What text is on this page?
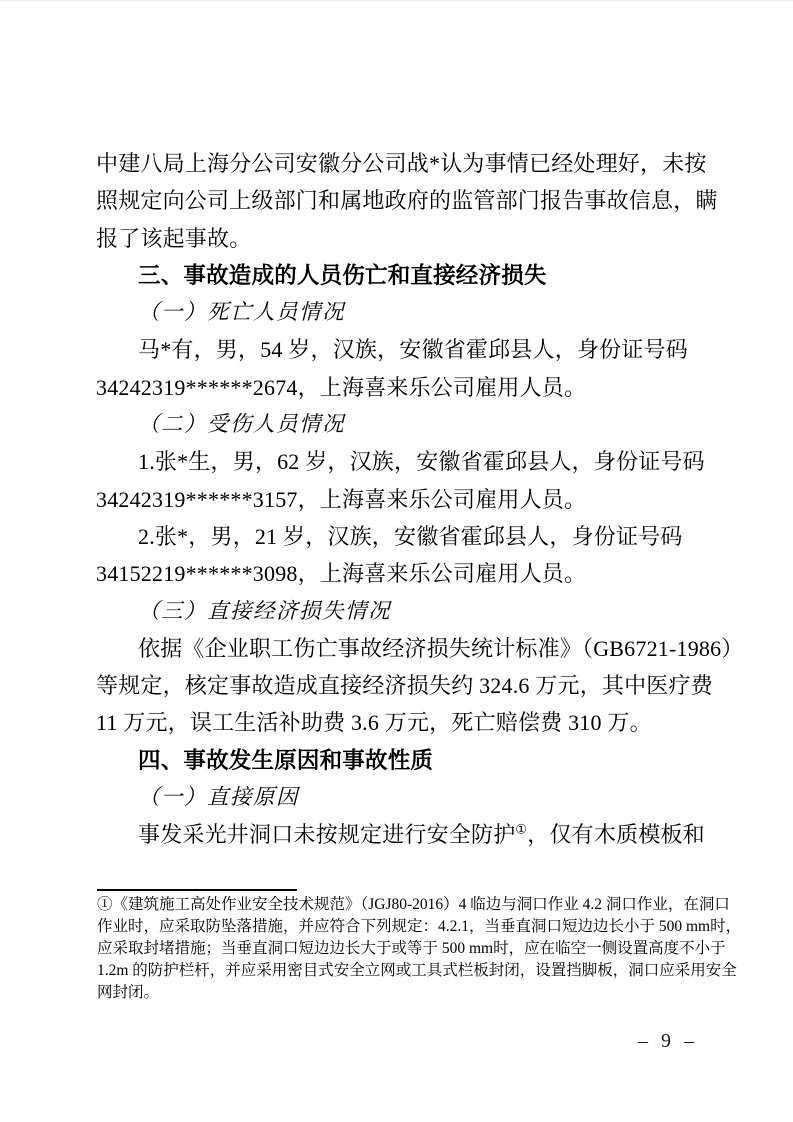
中建八局上海分公司安徽分公司战*认为事情已经处理好，未按
照规定向公司上级部门和属地政府的监管部门报告事故信息，瞒
报了该起事故。
三、事故造成的人员伤亡和直接经济损失
（一）死亡人员情况
马*有，男，54 岁，汉族，安徽省霍邱县人，身份证号码
34242319******2674，上海喜来乐公司雇用人员。
（二）受伤人员情况
1.张*生，男，62 岁，汉族，安徽省霍邱县人，身份证号码
34242319******3157，上海喜来乐公司雇用人员。
2.张*，男，21 岁，汉族，安徽省霍邱县人，身份证号码
34152219******3098，上海喜来乐公司雇用人员。
（三）直接经济损失情况
依据《企业职工伤亡事故经济损失统计标准》（GB6721-1986）
等规定，核定事故造成直接经济损失约 324.6 万元，其中医疗费
11 万元，误工生活补助费 3.6 万元，死亡赔偿费 310 万。
四、事故发生原因和事故性质
（一）直接原因
事发采光井洞口未按规定进行安全防护①，仅有木质模板和
①《建筑施工高处作业安全技术规范》（JGJ80-2016）4 临边与洞口作业 4.2 洞口作业，在洞口
作业时，应采取防坠落措施，并应符合下列规定：4.2.1，当垂直洞口短边边长小于 500 mm时，
应采取封堵措施；当垂直洞口短边边长大于或等于 500 mm时，应在临空一侧设置高度不小于
1.2m 的防护栏杆，并应采用密目式安全立网或工具式栏板封闭，设置挡脚板，洞口应采用安全
网封闭。
– 9 –
